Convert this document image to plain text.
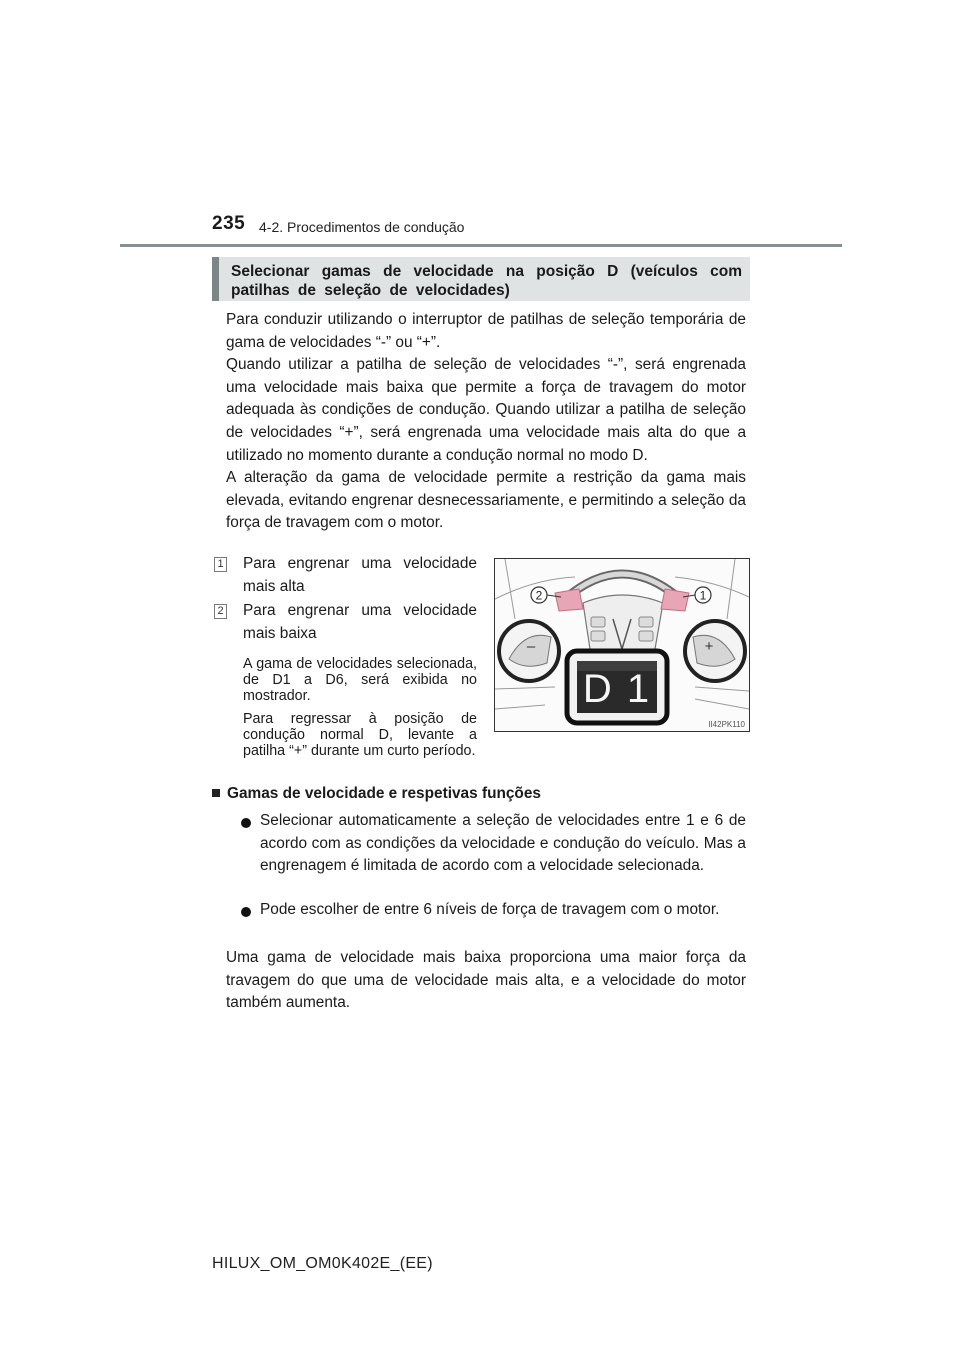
235 4-2. Procedimentos de condução
Selecionar gamas de velocidade na posição D (veículos com patilhas de seleção de velocidades)

Para conduzir utilizando o interruptor de patilhas de seleção temporária de gama de velocidades “-” ou “+”.

Quando utilizar a patilha de seleção de velocidades “-”, será engrenada uma velocidade mais baixa que permite a força de travagem do motor adequada às condições de condução. Quando utilizar a patilha de seleção de velocidades “+”, será engrenada uma velocidade mais alta do que a utilizado no momento durante a condução normal no modo D.

A alteração da gama de velocidade permite a restrição da gama mais elevada, evitando engrenar desnecessariamente, e permitindo a seleção da força de travagem com o motor.

1 Para engrenar uma velocidade mais alta
2 Para engrenar uma velocidade mais baixa
A gama de velocidades selecionada, de D1 a D6, será exibida no mostrador.
Para regressar à posição de condução normal D, levante a patilha “+” durante um curto período.
2	1
–	+
D 1
II42PK110
Gamas de velocidade e respetivas funções
Selecionar automaticamente a seleção de velocidades entre 1 e 6 de acordo com as condições da velocidade e condução do veículo. Mas a engrenagem é limitada de acordo com a velocidade selecionada.
Pode escolher de entre 6 níveis de força de travagem com o motor.
Uma gama de velocidade mais baixa proporciona uma maior força da travagem do que uma de velocidade mais alta, e a velocidade do motor também aumenta.
HILUX_OM_OM0K402E_(EE)
